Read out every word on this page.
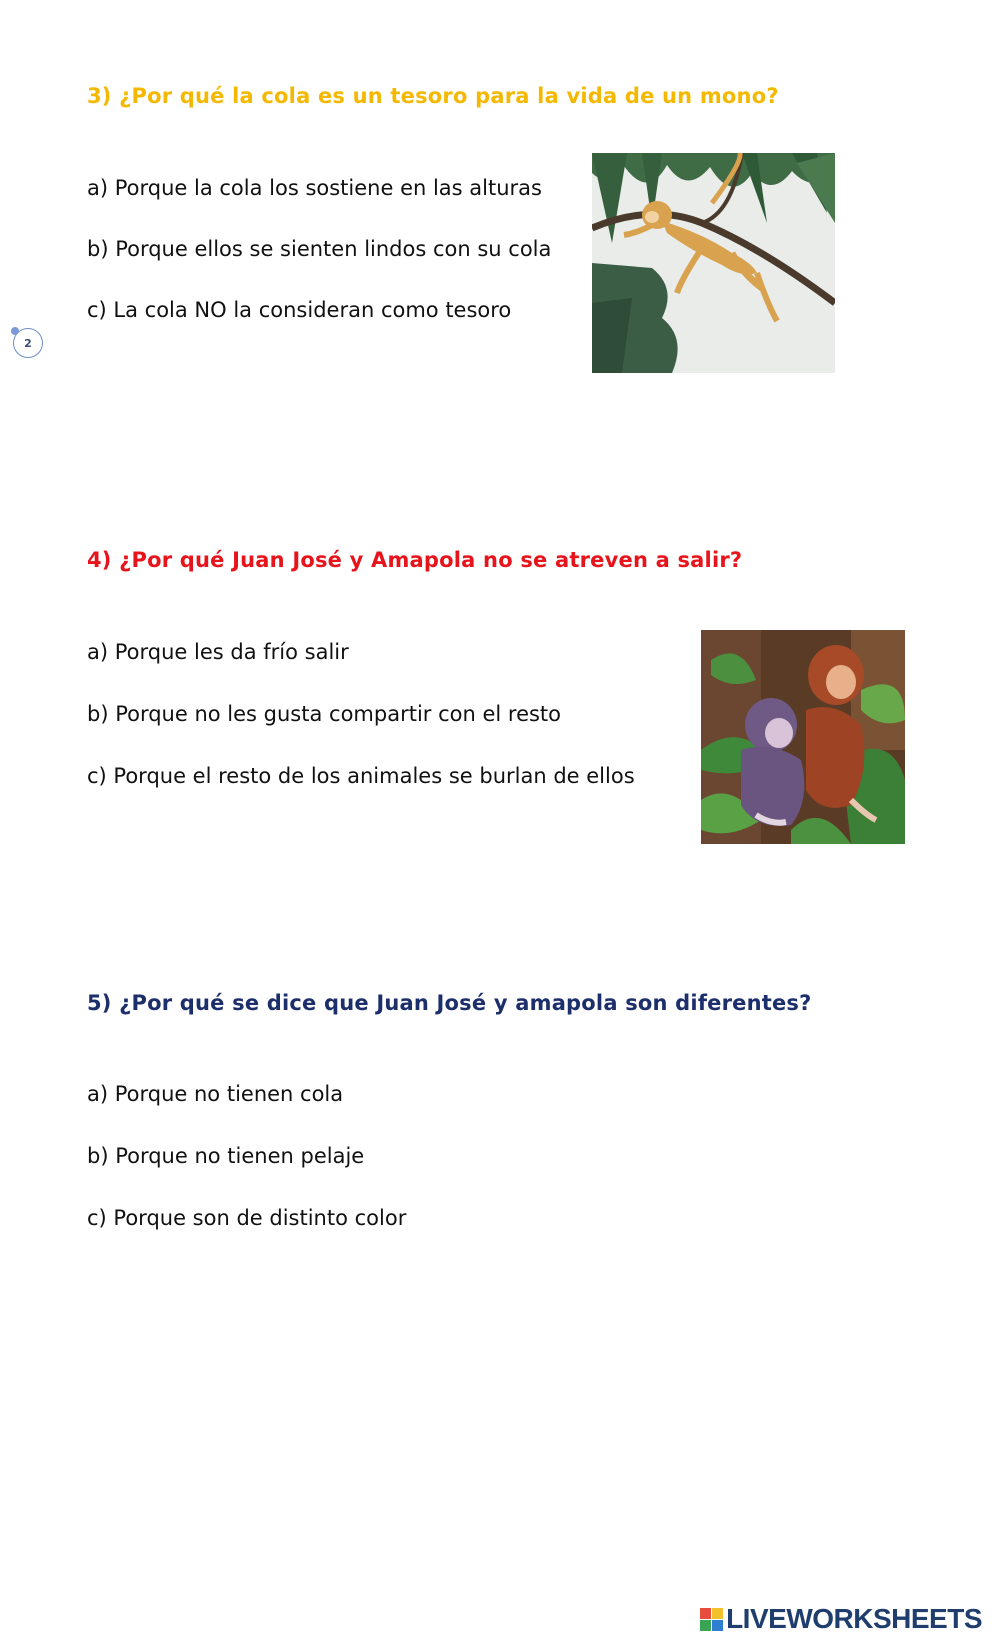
2
3) ¿Por qué la cola es un tesoro para la vida de un mono?
a) Porque la cola los sostiene en las alturas
b) Porque ellos se sienten lindos con su cola
c) La cola NO la consideran como tesoro
4) ¿Por qué Juan José y Amapola no se atreven a salir?
a) Porque les da frío salir
b) Porque no les gusta compartir con el resto
c) Porque el resto de los animales se burlan de ellos
5) ¿Por qué se dice que Juan José y amapola son diferentes?
a) Porque no tienen cola
b) Porque no tienen pelaje
c) Porque son de distinto color
LIVEWORKSHEETS
